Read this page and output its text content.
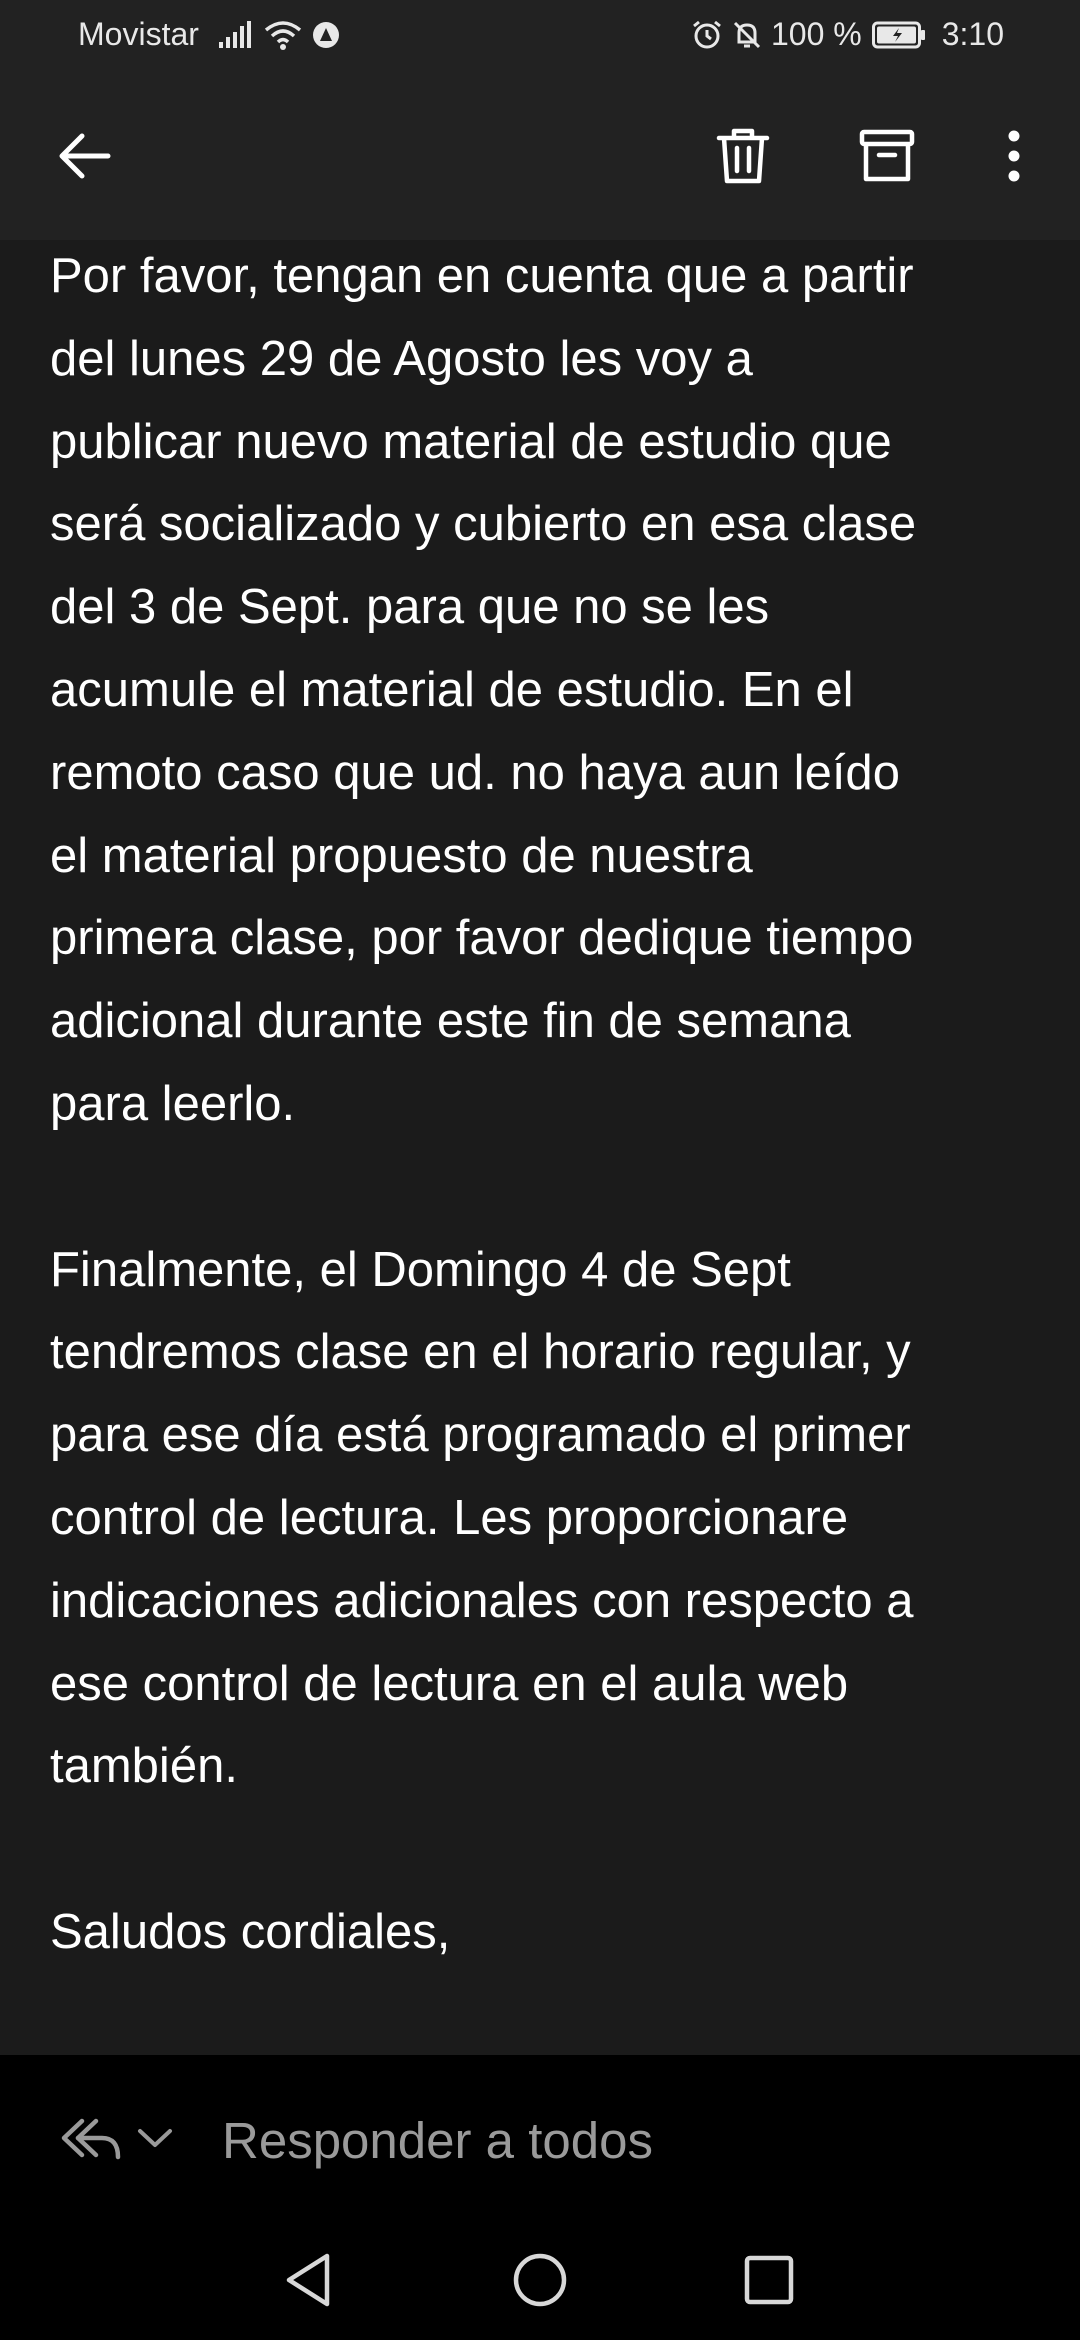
Movistar	100 %	3:10

Por favor, tengan en cuenta que a partir
del lunes 29 de Agosto les voy a
publicar nuevo material de estudio que
será socializado y cubierto en esa clase
del 3 de Sept. para que no se les
acumule el material de estudio. En el
remoto caso que ud. no haya aun leído
el material propuesto de nuestra
primera clase, por favor dedique tiempo
adicional durante este fin de semana
para leerlo.

Finalmente, el Domingo 4 de Sept
tendremos clase en el horario regular, y
para ese día está programado el primer
control de lectura. Les proporcionare
indicaciones adicionales con respecto a
ese control de lectura en el aula web
también.

Saludos cordiales,

Responder a todos
